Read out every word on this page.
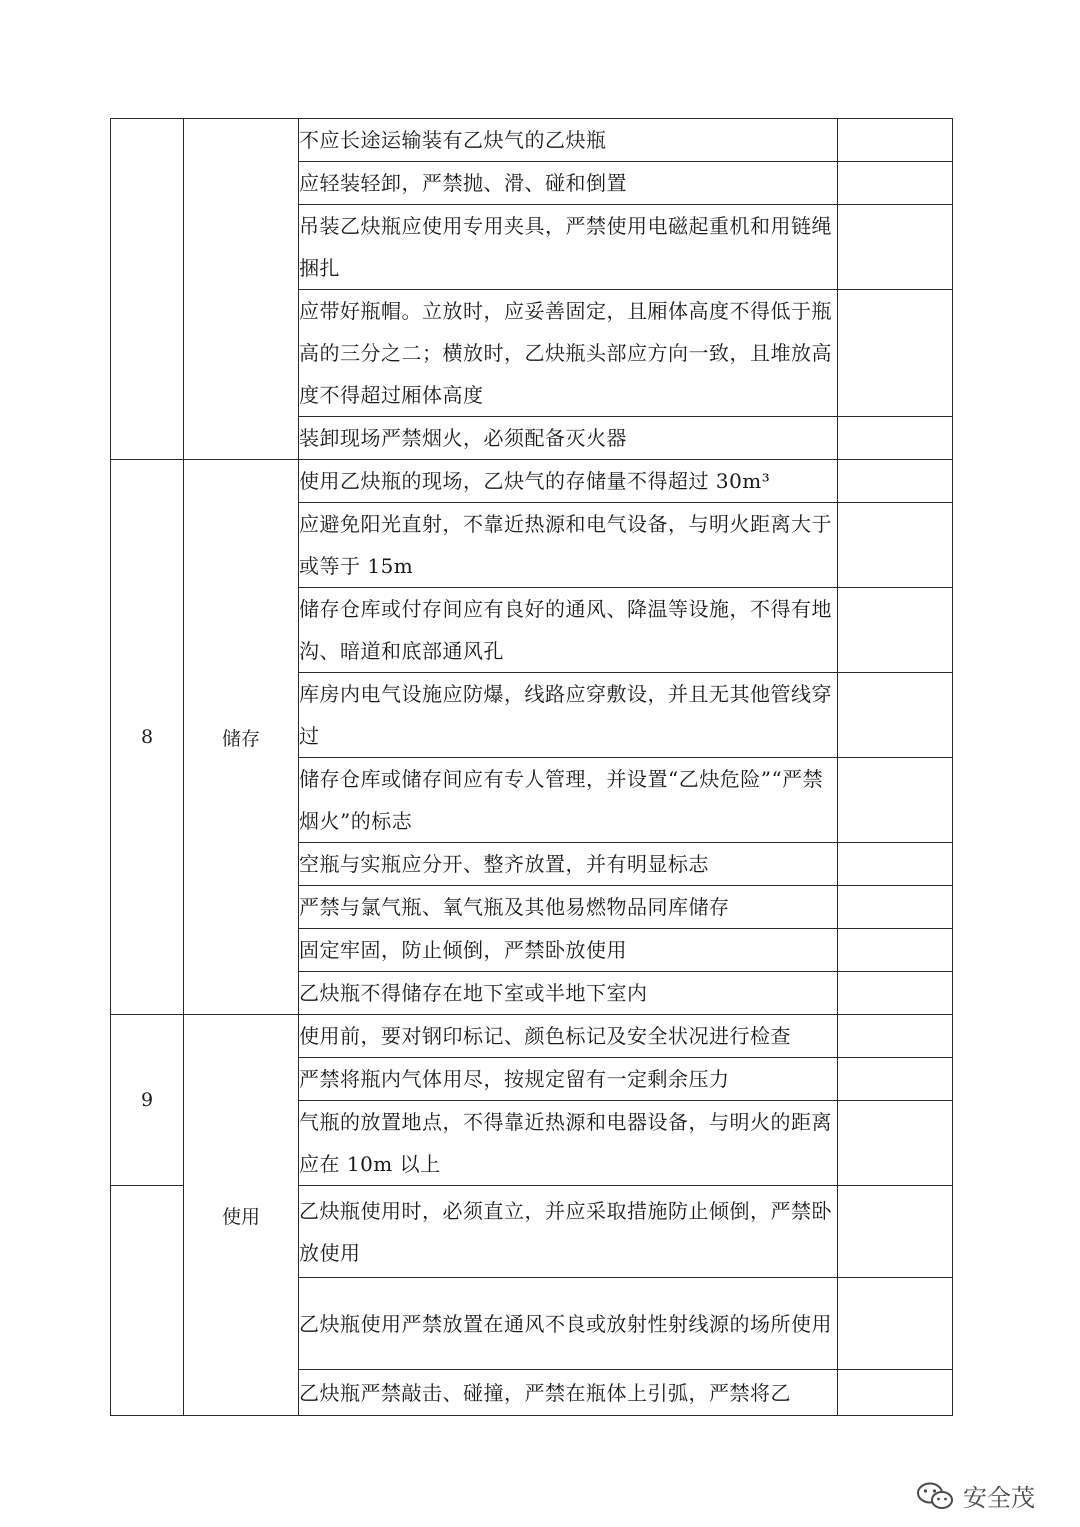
		不应长途运输装有乙炔气的乙炔瓶	
		应轻装轻卸，严禁抛、滑、碰和倒置	
		吊装乙炔瓶应使用专用夹具，严禁使用电磁起重机和用链绳捆扎	
		应带好瓶帽。立放时，应妥善固定，且厢体高度不得低于瓶高的三分之二；横放时，乙炔瓶头部应方向一致，且堆放高度不得超过厢体高度	
		装卸现场严禁烟火，必须配备灭火器	
8	储存	使用乙炔瓶的现场，乙炔气的存储量不得超过 30m³	
		应避免阳光直射，不靠近热源和电气设备，与明火距离大于或等于 15m	
		储存仓库或付存间应有良好的通风、降温等设施，不得有地沟、暗道和底部通风孔	
		库房内电气设施应防爆，线路应穿敷设，并且无其他管线穿过	
		储存仓库或储存间应有专人管理，并设置“乙炔危险”“严禁烟火”的标志	
		空瓶与实瓶应分开、整齐放置，并有明显标志	
		严禁与氯气瓶、氧气瓶及其他易燃物品同库储存	
		固定牢固，防止倾倒，严禁卧放使用	
		乙炔瓶不得储存在地下室或半地下室内	
9	使用	使用前，要对钢印标记、颜色标记及安全状况进行检查	
		严禁将瓶内气体用尽，按规定留有一定剩余压力	
		气瓶的放置地点，不得靠近热源和电器设备，与明火的距离应在 10m 以上	
		乙炔瓶使用时，必须直立，并应采取措施防止倾倒，严禁卧放使用	
		乙炔瓶使用严禁放置在通风不良或放射性射线源的场所使用	
		乙炔瓶严禁敲击、碰撞，严禁在瓶体上引弧，严禁将乙	
安全茂
